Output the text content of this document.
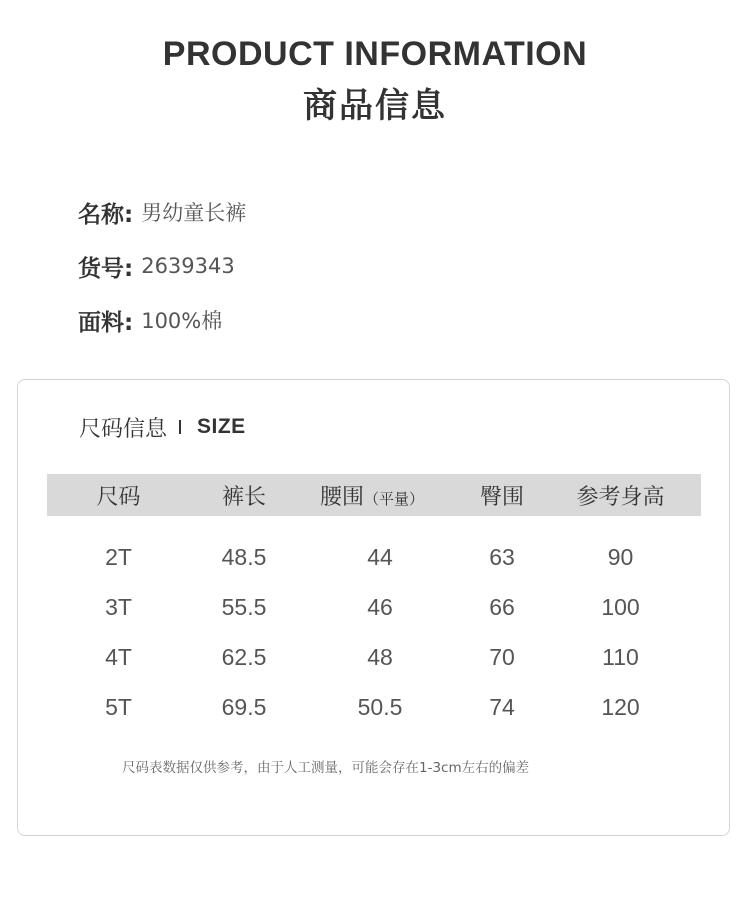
PRODUCT INFORMATION
商品信息
名称: 男幼童长裤
货号: 2639343
面料: 100%棉
尺码信息 SIZE
尺码	裤长	腰围（平量）	臀围	参考身高
2T	48.5	44	63	90
3T	55.5	46	66	100
4T	62.5	48	70	110
5T	69.5	50.5	74	120
尺码表数据仅供参考，由于人工测量，可能会存在1-3cm左右的偏差
